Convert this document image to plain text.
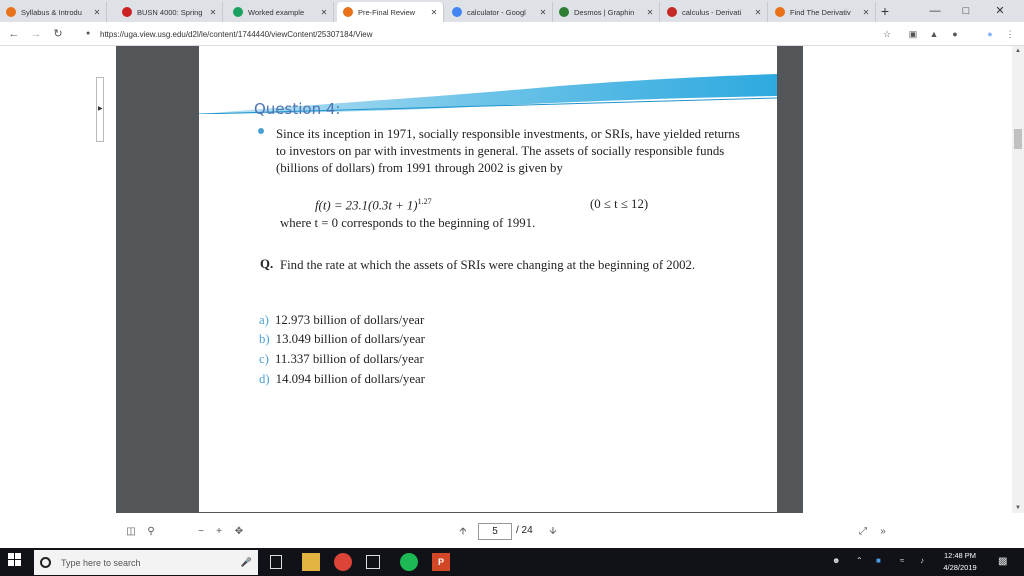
Syllabus & Introdu	✕	BUSN 4000: Spring ✕	Worked example	✕	Pre-Final Review	✕	calculator - Googl	✕	Desmos | Graphin	✕	calculus - Derivati	✕	Find The Derivativ	✕ +	—	□	✕
← →	↻	●	https://uga.view.usg.edu/d2l/le/content/1744440/viewContent/25307184/View	☆	▣	▲	●	●	⋮
▶	Question 4:
Since its inception in 1971, socially responsible investments, or SRIs, have yielded returns to investors on par with investments in general. The assets of socially responsible funds (billions of dollars) from 1991 through 2002 is given by
$f(t) = 23.1(0.3t + 1)^{1.27}$	(0 ≤ t ≤ 12)
where t = 0 corresponds to the beginning of 1991.
Q. Find the rate at which the assets of SRIs were changing at the beginning of 2002.
a) 12.973 billion of dollars/year
b) 13.049 billion of dollars/year
c) 11.337 billion of dollars/year
d) 14.094 billion of dollars/year
▲
▼
◫	⚲	−	+	✥	🡩	5	/ 24	🡫	⤢	»
Type here to search	🎤	P	☻ ⌃ ■ ≈ ♪
12:48 PM
4/28/2019
▩
